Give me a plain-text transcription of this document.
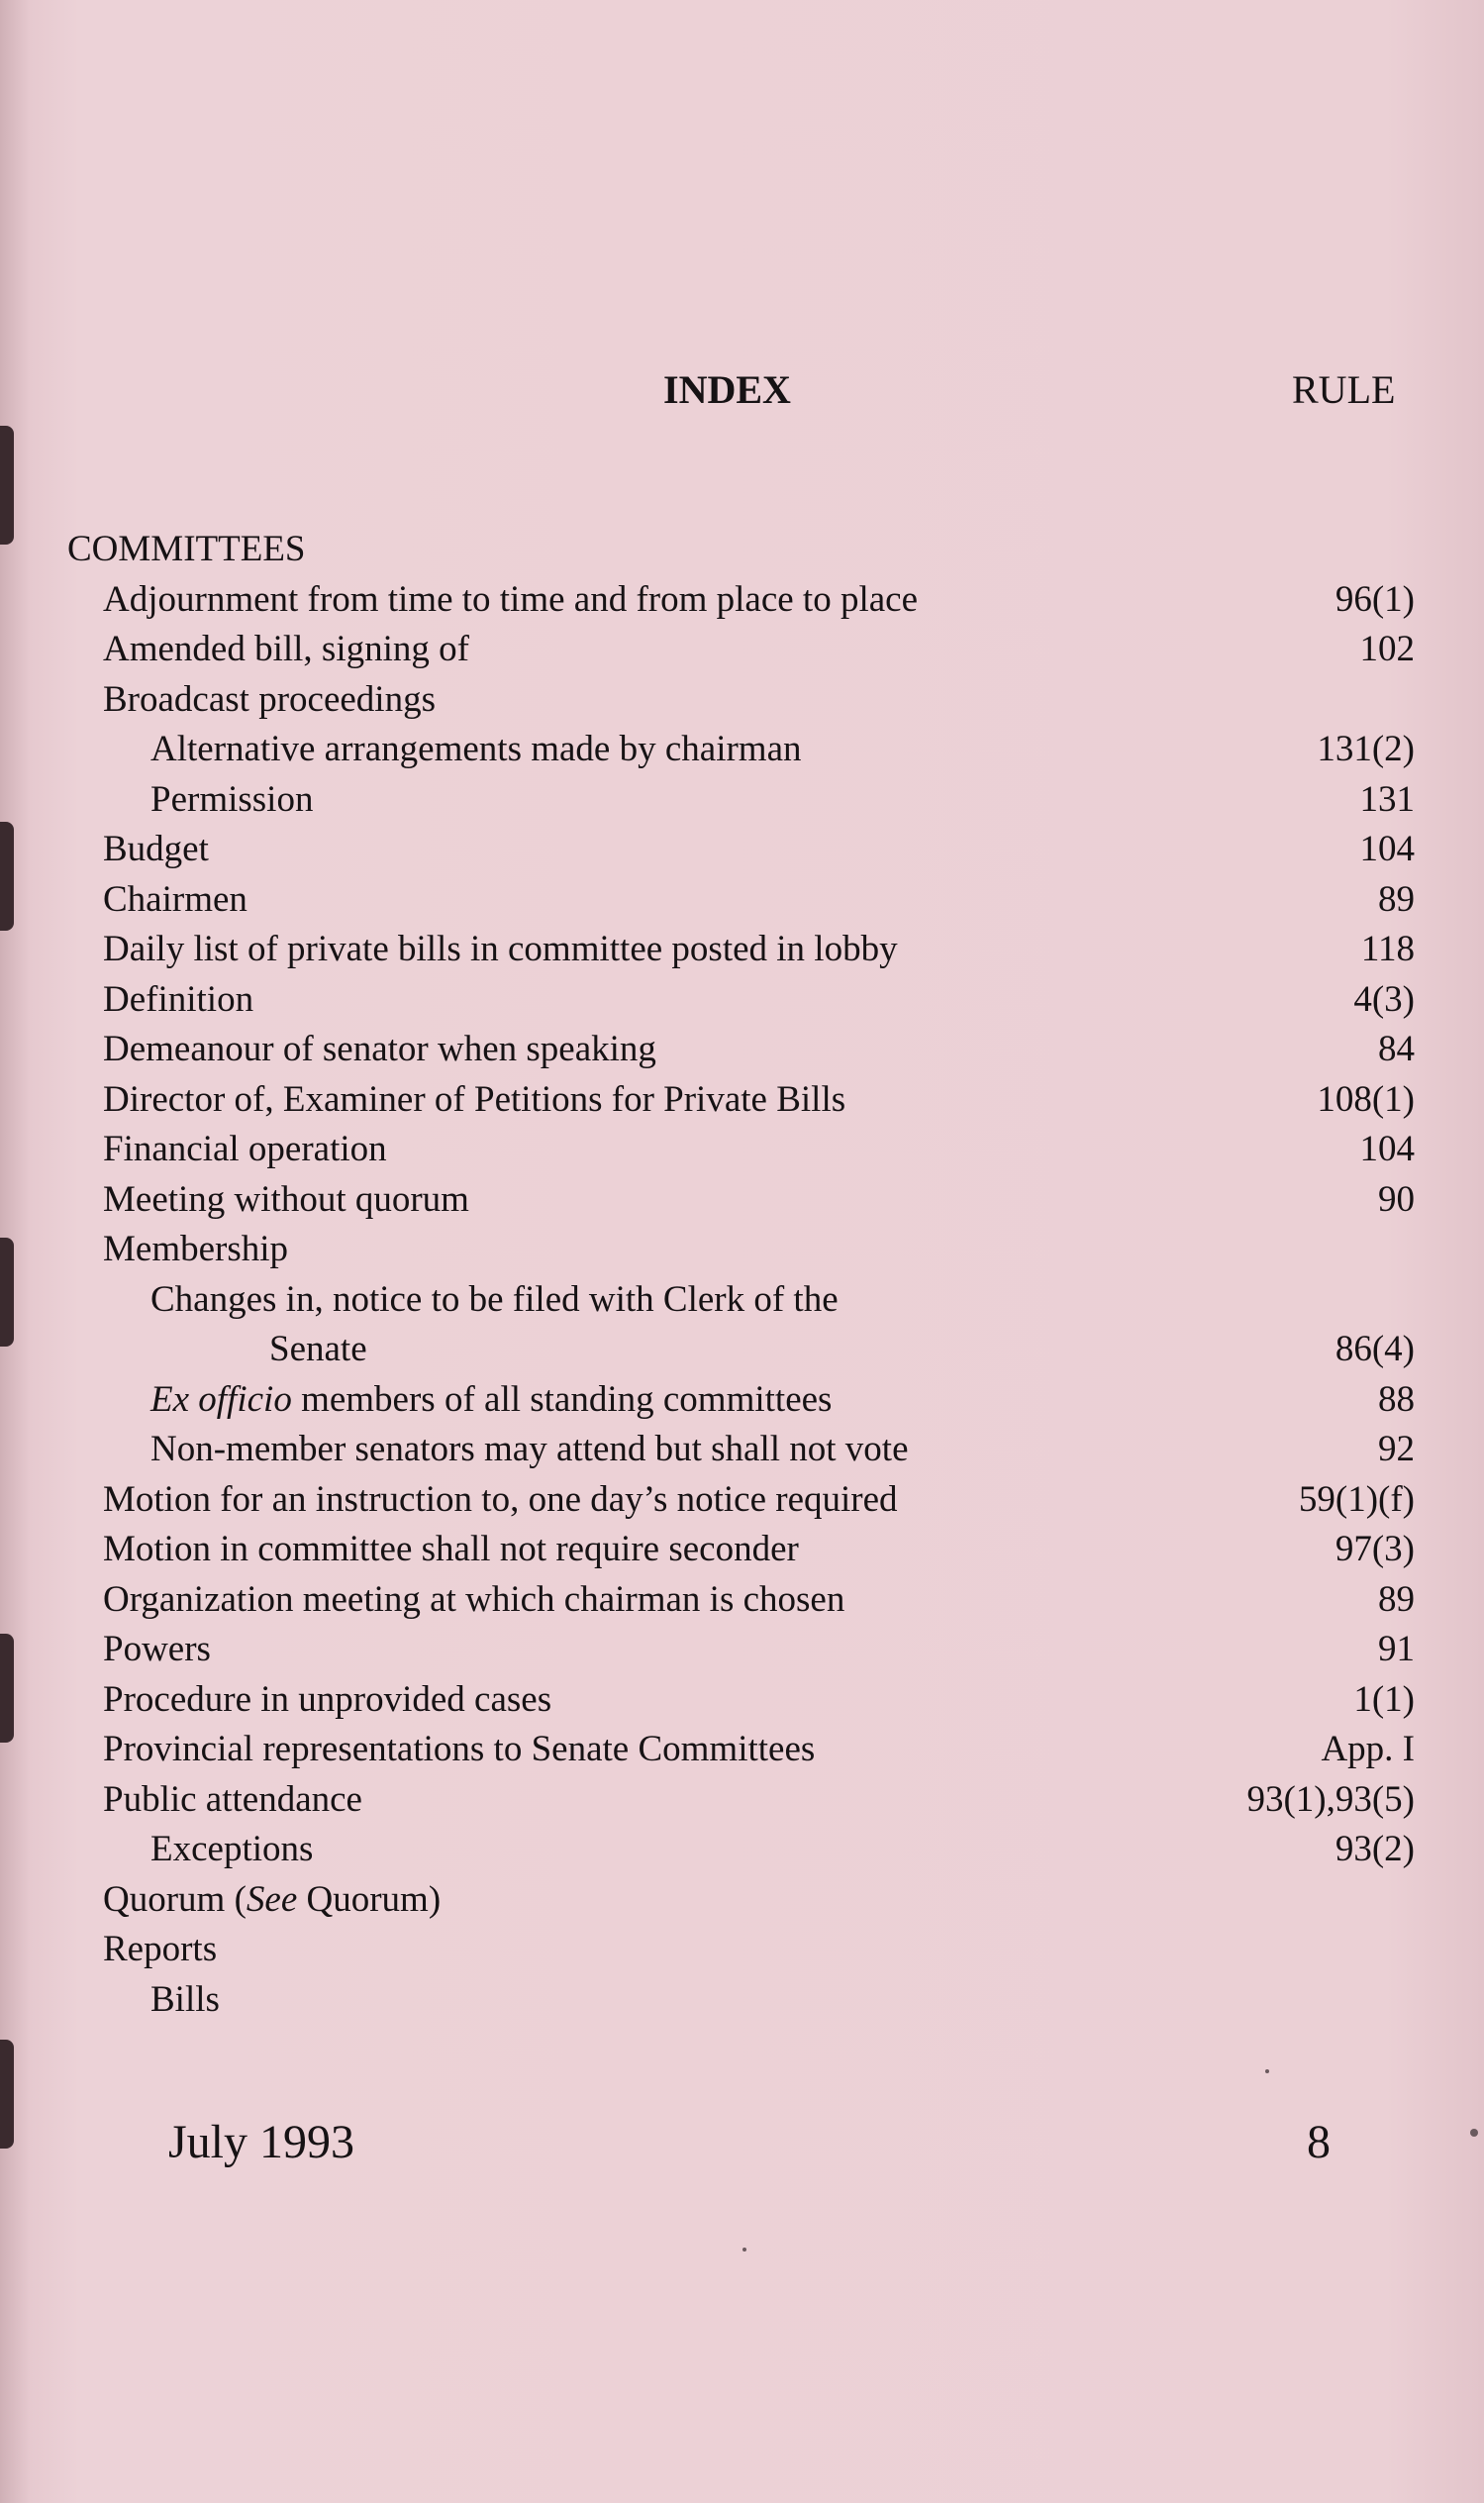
INDEX	RULE
COMMITTEES
Adjournment from time to time and from place to place	96(1)
Amended bill, signing of	102
Broadcast proceedings
Alternative arrangements made by chairman	131(2)
Permission	131
Budget	104
Chairmen	89
Daily list of private bills in committee posted in lobby	118
Definition	4(3)
Demeanour of senator when speaking	84
Director of, Examiner of Petitions for Private Bills	108(1)
Financial operation	104
Meeting without quorum	90
Membership
Changes in, notice to be filed with Clerk of the
Senate	86(4)
Ex officio members of all standing committees	88
Non-member senators may attend but shall not vote	92
Motion for an instruction to, one day’s notice required	59(1)(f)
Motion in committee shall not require seconder	97(3)
Organization meeting at which chairman is chosen	89
Powers	91
Procedure in unprovided cases	1(1)
Provincial representations to Senate Committees	App. I
Public attendance	93(1),93(5)
Exceptions	93(2)
Quorum (See Quorum)
Reports
Bills
July 1993	8
